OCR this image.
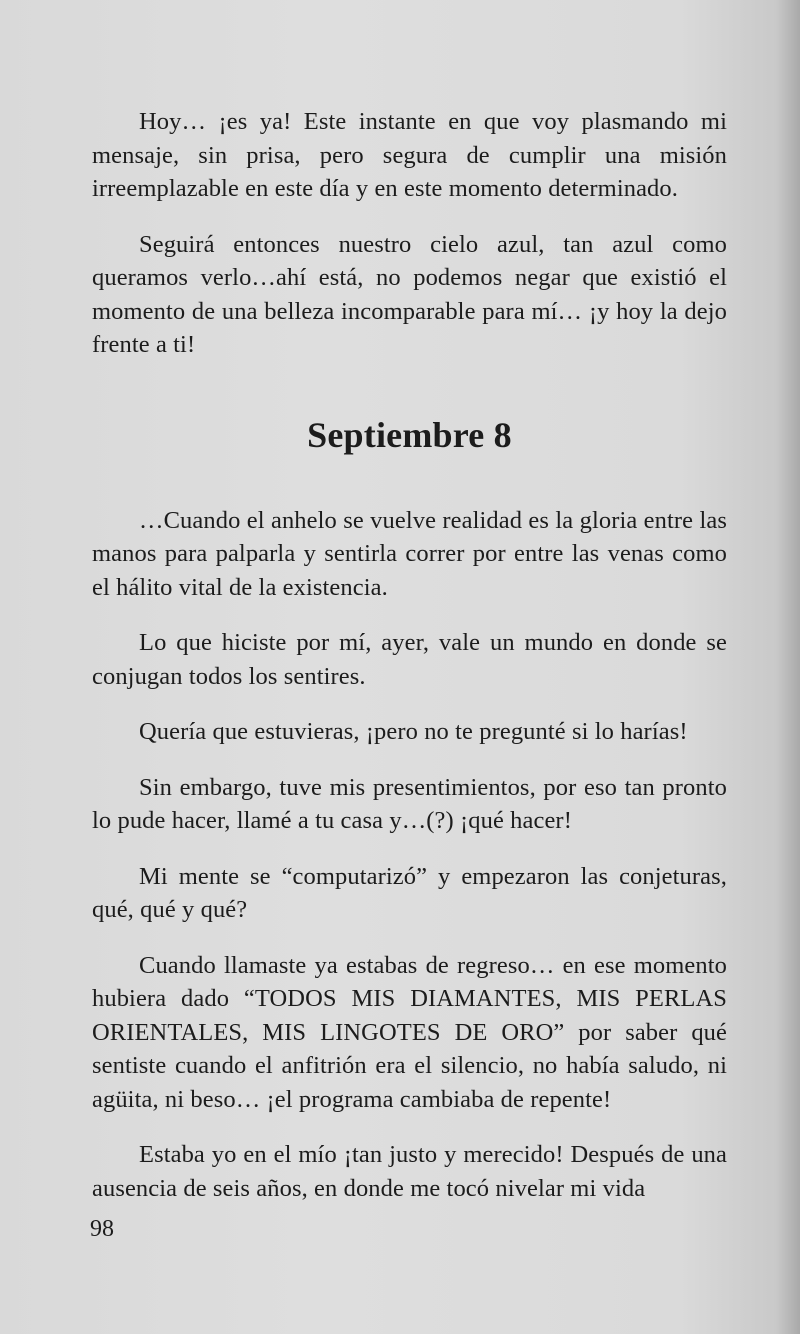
Hoy… ¡es ya! Este instante en que voy plasmando mi mensaje, sin prisa, pero segura de cumplir una misión irreemplazable en este día y en este momento determinado.

Seguirá entonces nuestro cielo azul, tan azul como queramos verlo…ahí está, no podemos negar que existió el momento de una belleza incomparable para mí… ¡y hoy la dejo frente a ti!

Septiembre 8

…Cuando el anhelo se vuelve realidad es la gloria entre las manos para palparla y sentirla correr por entre las venas como el hálito vital de la existencia.

Lo que hiciste por mí, ayer, vale un mundo en donde se conjugan todos los sentires.

Quería que estuvieras, ¡pero no te pregunté si lo harías!

Sin embargo, tuve mis presentimientos, por eso tan pronto lo pude hacer, llamé a tu casa y…(?) ¡qué hacer!

Mi mente se “computarizó” y empezaron las conjeturas, qué, qué y qué?

Cuando llamaste ya estabas de regreso… en ese momento hubiera dado “TODOS MIS DIAMANTES, MIS PERLAS ORIENTALES, MIS LINGOTES DE ORO” por saber qué sentiste cuando el anfitrión era el silencio, no había saludo, ni agüita, ni beso… ¡el programa cambiaba de repente!

Estaba yo en el mío ¡tan justo y merecido! Después de una ausencia de seis años, en donde me tocó nivelar mi vida

98
